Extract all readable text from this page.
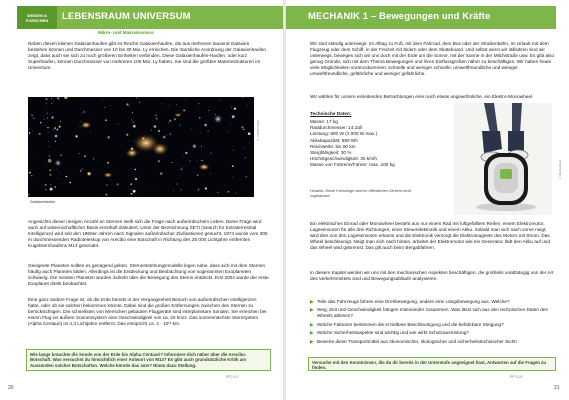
WISSEN & FORSCHEN	LEBENSRAUM UNIVERSUM
Mikro- und Makrokosmos

Neben diesen kleinen Galaxienhaufen gibt es Reiche Galaxienhaufen, die aus mehreren tausend Galaxien bestehen können und Durchmesser von 10 bis 30 Mio. Ly erreichen. Die räumliche Anordnung der Galaxienhaufen zeigt, dass auch sie sich zu noch größeren Einheiten verbinden. Diese Galaxienhaufen-Haufen, oder kurz Superhaufen, können Durchmesser von mehreren 100 Mio. Ly haben. Sie sind die größten Materiestrukturen im Universum.

© NASA / ESA
Galaxienhaufen

Angesichts dieser riesigen Anzahl an Sternen stellt sich die Frage nach außerirdischem Leben. Diese Frage wird auch auf wissenschaftlicher Basis ernsthaft diskutiert. Unter der Bezeichnung SETI (Search for Extraterrestrial Intelligence) wird seit den 1960er-Jahren nach Signalen außerirdischer Zivilisationen gesucht. 1974 wurde vom 300 m durchmessenden Radioteleskop von Arecibo eine Botschaft in Richtung des 25 000 Lichtjahre entfernten Kugelsternhaufens M13 gesendet.

Geeignete Planeten sollten es genügend geben, Sternentstehungsmodelle legen nahe, dass sich mit dem Sternen häufig auch Planeten bilden. Allerdings ist die Entdeckung und Beobachtung von sogenannten Exoplaneten schwierig. Die meisten Planeten wurden indirekt über die Bewegung des Sterns entdeckt. Erst 2004 wurde der erste Exoplanet direkt beobachtet.

Eine ganz andere Frage ist, ob die Erde bereits in der Vergangenheit Besuch von außerirdischen Intelligenzen hatte, oder ob sie solchen bekommen könnte. Dabei sind die großen Entfernungen zwischen den Sternen zu berücksichtigen. Die schnellsten von Menschen gebauten Fluggeräte sind interplanetare Sonden. Sie erreichen bei einem Flug ins äußere Sonnensystem eine Geschwindigkeit von ca. 20 km/s. Das sonnennächste Sternsystem (Alpha Centauri) ist 4,3 Lichtjahre entfernt. Das entspricht ca. 4 · 10¹³ km.

Wie lange bräuchte die Sonde von der Erde bis Alpha Centauri? Informiere dich näher über die Arecibo-Botschaft. Was versuchst du hinsichtlich einer Antwort von M13? Es gibt auch grundsätzliche Kritik am Aussenden solcher Botschaften. Welche könnte das sein? Nimm dazu Stellung.

PF2.1/1
20
MECHANIK 1 – Bewegungen und Kräfte

Wir sind ständig unterwegs: Im Alltag zu Fuß, mit dem Fahrrad, dem Bus oder der Straßenbahn, im Urlaub mit dem Flugzeug oder dem Schiff, in der Freizeit mit Skiern oder dem Skateboard. Und selbst wenn wir stillsitzen sind wir unterwegs, bewegen sich wir uns doch mit der Erde um die Sonne, mit der Sonne in der Milchstraße usw. Es gibt also genug Gründe, sich mit dem Thema Bewegungen und ihren Einflussgrößen näher zu beschäftigen. Wir haben heute viele Möglichkeiten voranzukommen: schnelle und weniger schnelle, umweltfreundliche und weniger umweltfreundliche, gefährliche und weniger gefährliche.

Wir wählen für unsere einleitenden Betrachtungen eine noch etwas ungewöhnliche, ein Elektro-Monowheel.

Technische Daten:
Masse: 17 kg
Raddurchmesser: 14 Zoll
Leistung: 800 W (3 000 W max.)
Akkukapazität: 680 Wh
Reichweite: bis 60 km
Steigfähigkeit: 30 %
Höchstgeschwindigkeit: 30 km/h
Masse von Fahrerin/Fahrer: max. 100 kg
Hinweis: Diese Fahrzeuge sind im öffentlichen Verkehr nicht zugelassen!
© Monowheel

Ein elektrisches Einrad oder Monowheel besteht aus nur einem Rad mit luftgefülltem Reifen, einem Elektromotor, Lagesensoren für alle drei Richtungen, einer Steuerelektronik und einem Akku. Sobald man sich nach vorne neigt, wird dies von den Lagesensoren erkannt und die Elektronik versorgt die Elektromagnete des Motors mit Strom. Das Wheel beschleunigt. Neigt man sich nach hinten, arbeitet der Elektromotor wie ein Generator, lädt den Akku auf und das Wheel wird gebremst. Das gilt auch beim Bergabfahren.

In diesem Kapitel werden wir uns mit den mechanischen Aspekten beschäftigen, die großteils unabhängig von der Art des Verkehrsmittels sind und Bewegungsabläufe analysieren.

▶ Teile das Fahrzeugs führen eine Drehbewegung, andere eine Längsbewegung aus. Welche?
▶ Weg, Zeit und Geschwindigkeit hängen miteinander zusammen. Was lässt sich aus den technischen Daten des Wheels ablesen?
▶ Welche Faktoren bestimmen die erzielbare Beschleunigung und die befahrbare Steigung?
▶ Welche Sicherheitsaspekte sind wichtig und wie wirkt Schutzausrüstung?
▶ Bewerte diese Transportmittel aus ökonomischer, ökologischer und sicherheitstechnischer Sicht!

Versuche mit den Kenntnissen, die du dir bereits in der Unterstufe angeeignet hast, Antworten auf die Fragen zu finden.

PF3.1/1
21
